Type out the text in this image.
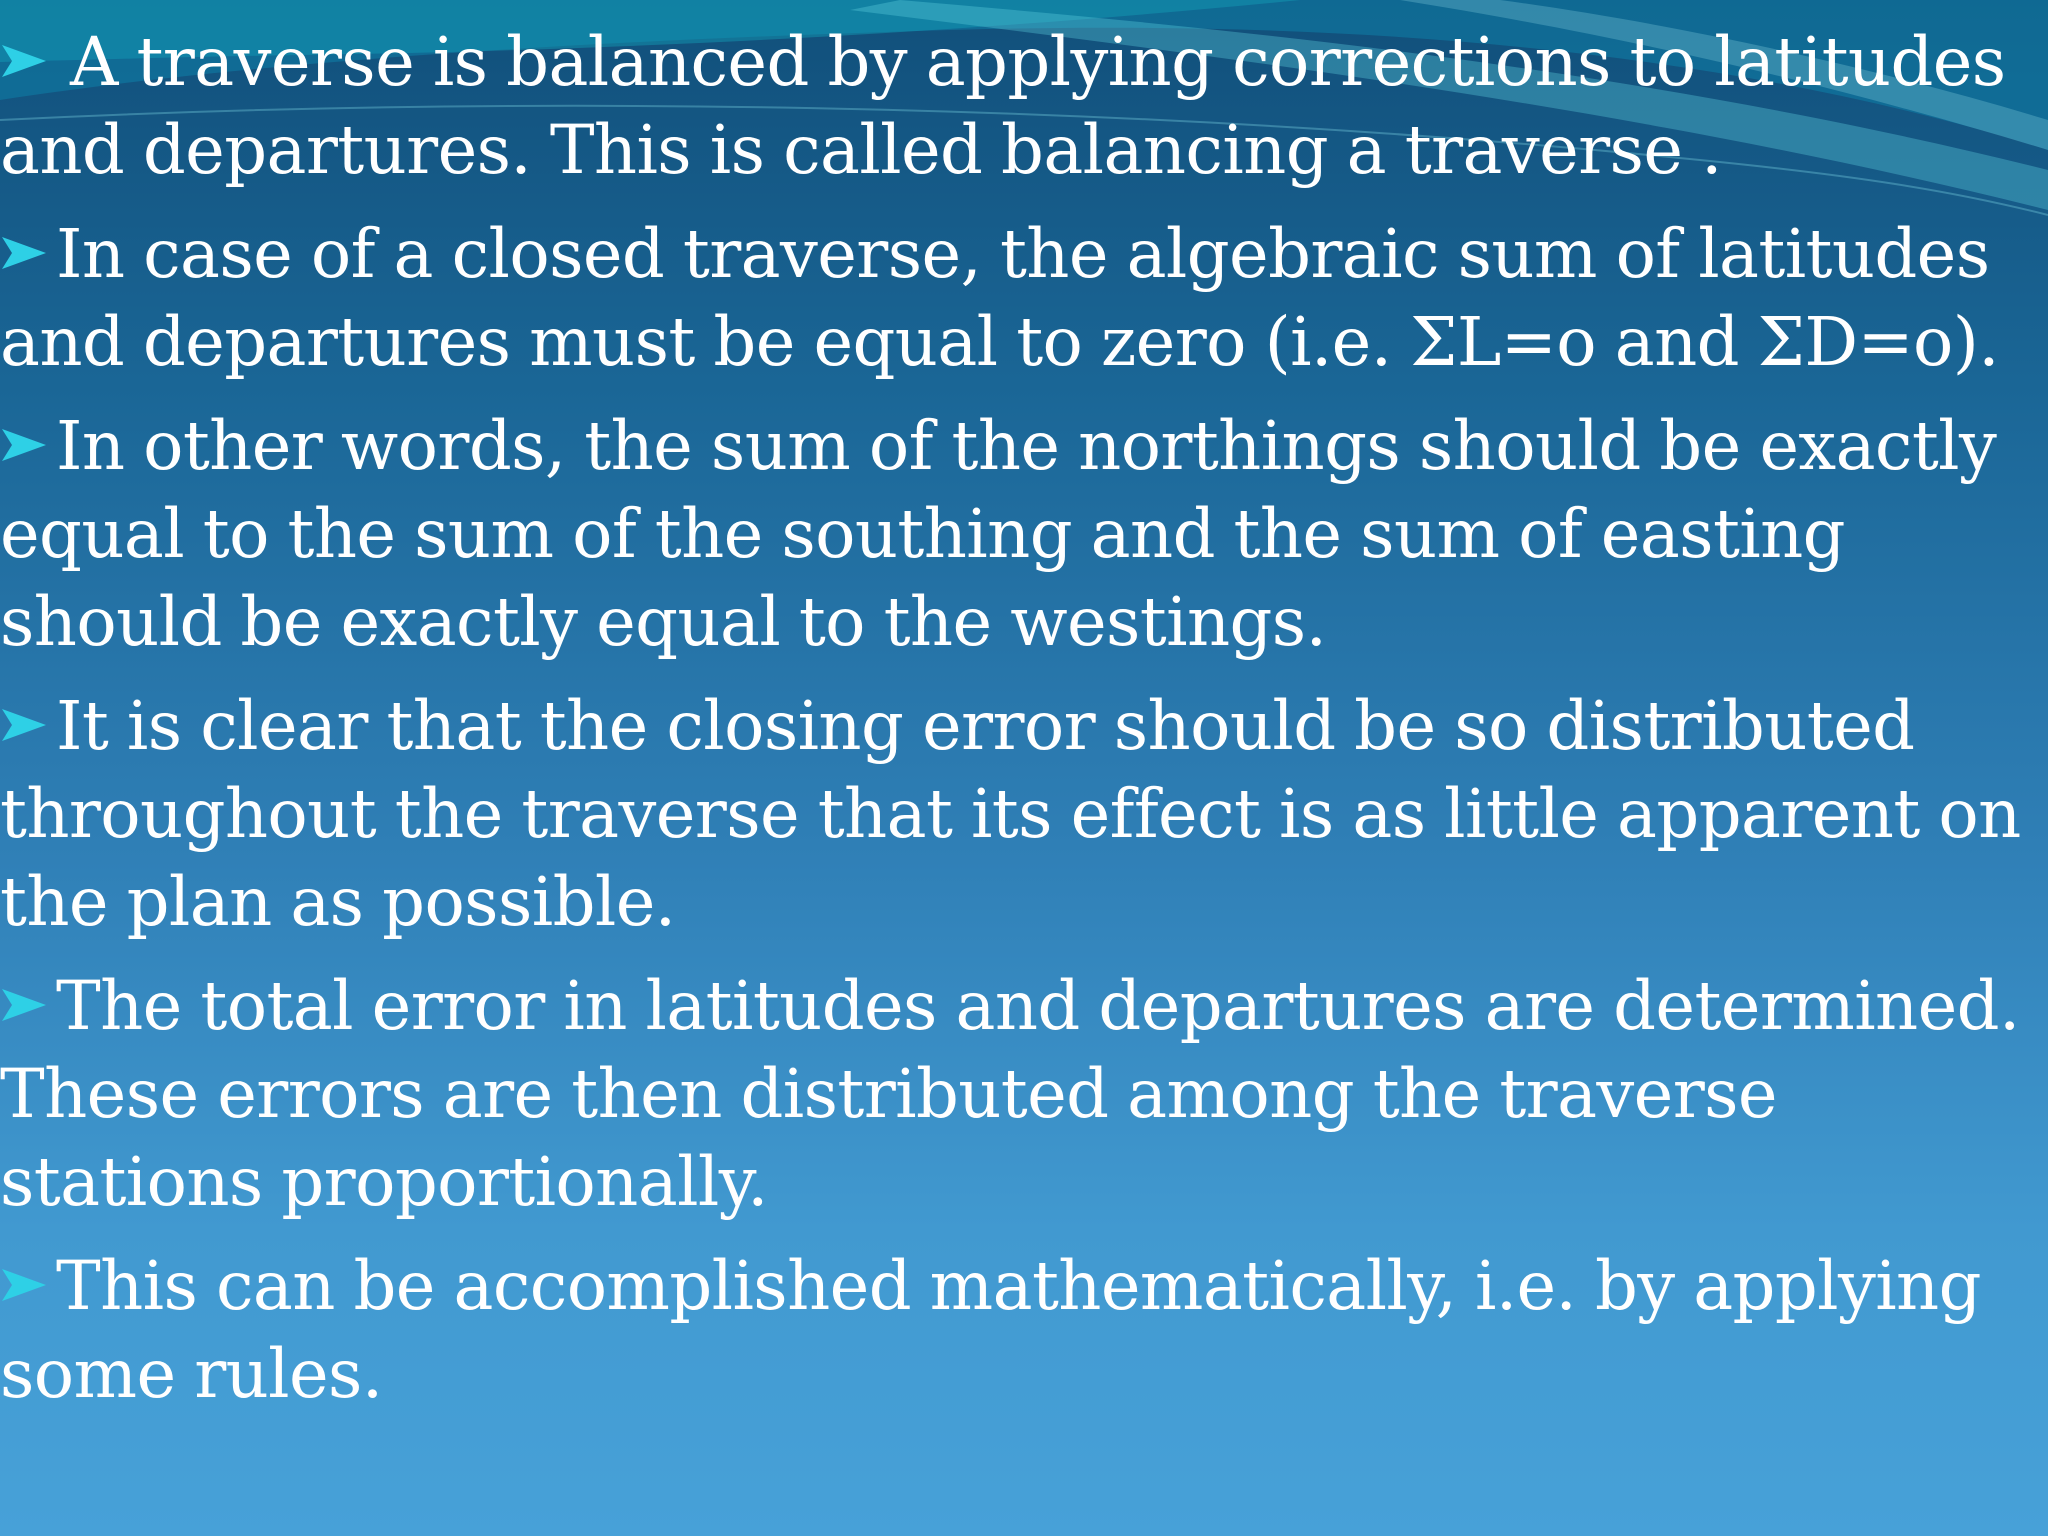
A traverse is balanced by applying corrections to latitudes and departures. This is called balancing a traverse .
In case of a closed traverse, the algebraic sum of latitudes and departures must be equal to zero (i.e. ΣL=o and ΣD=o).
In other words, the sum of the northings should be exactly equal to the sum of the southing and the sum of easting should be exactly equal to the westings.
It is clear that the closing error should be so distributed throughout the traverse that its effect is as little apparent on the plan as possible.
The total error in latitudes and departures are determined. These errors are then distributed among the traverse stations proportionally.
This can be accomplished mathematically, i.e. by applying some rules.
